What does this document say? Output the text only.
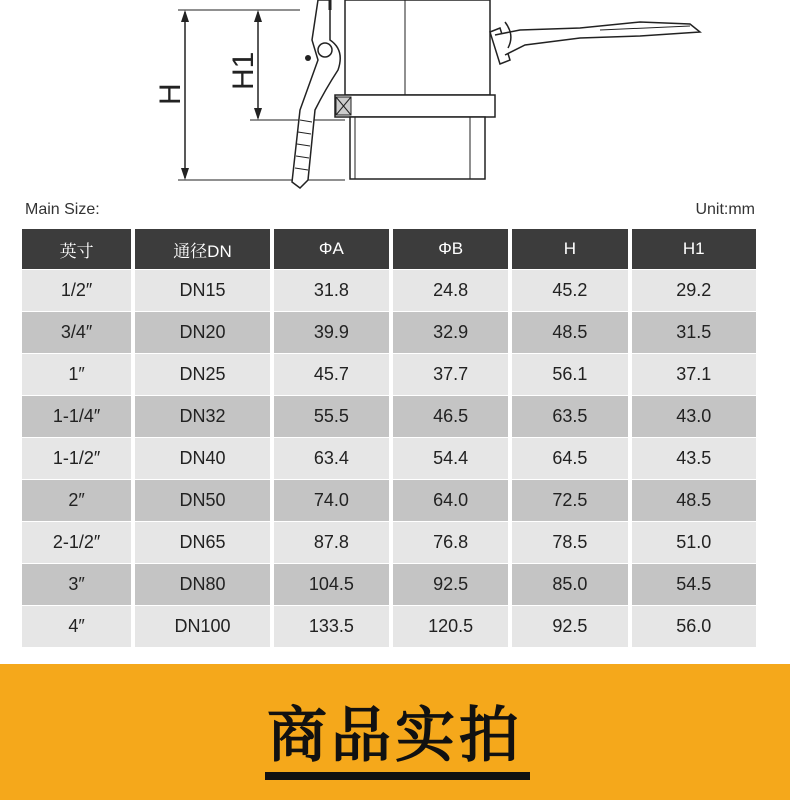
H
H1
Main Size:	Unit:mm
英寸	通径DN	ΦA	ΦB	H	H1
1/2″	DN15	31.8	24.8	45.2	29.2
3/4″	DN20	39.9	32.9	48.5	31.5
1″	DN25	45.7	37.7	56.1	37.1
1-1/4″	DN32	55.5	46.5	63.5	43.0
1-1/2″	DN40	63.4	54.4	64.5	43.5
2″	DN50	74.0	64.0	72.5	48.5
2-1/2″	DN65	87.8	76.8	78.5	51.0
3″	DN80	104.5	92.5	85.0	54.5
4″	DN100	133.5	120.5	92.5	56.0
商品实拍
